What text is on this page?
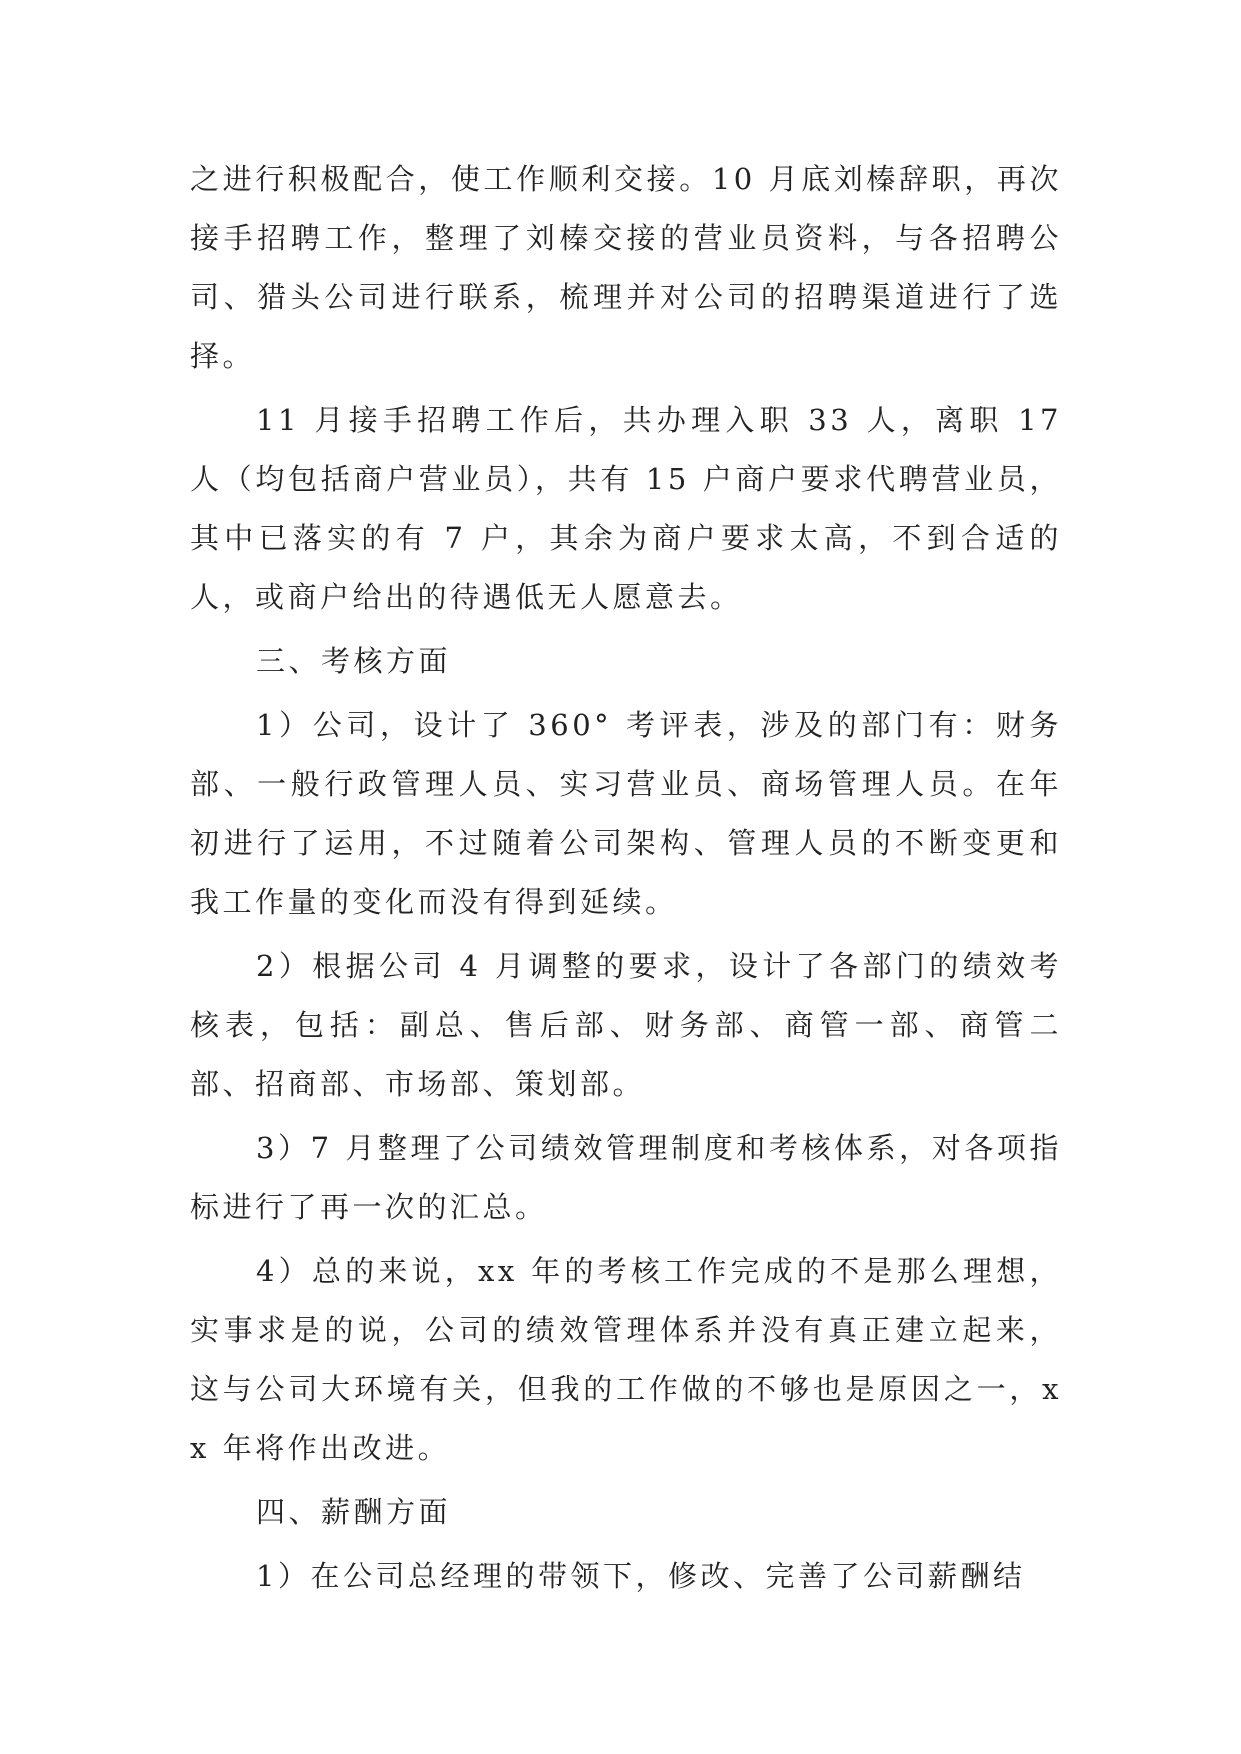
之进行积极配合，使工作顺利交接。10 月底刘榛辞职，再次接手招聘工作，整理了刘榛交接的营业员资料，与各招聘公司、猎头公司进行联系，梳理并对公司的招聘渠道进行了选择。

11 月接手招聘工作后，共办理入职 33 人，离职 17 人（均包括商户营业员），共有 15 户商户要求代聘营业员，其中已落实的有 7 户，其余为商户要求太高，不到合适的人，或商户给出的待遇低无人愿意去。

三、考核方面

1）公司，设计了 360° 考评表，涉及的部门有：财务部、一般行政管理人员、实习营业员、商场管理人员。在年初进行了运用，不过随着公司架构、管理人员的不断变更和我工作量的变化而没有得到延续。

2）根据公司 4 月调整的要求，设计了各部门的绩效考核表，包括：副总、售后部、财务部、商管一部、商管二部、招商部、市场部、策划部。

3）7 月整理了公司绩效管理制度和考核体系，对各项指标进行了再一次的汇总。

4）总的来说，xx 年的考核工作完成的不是那么理想，实事求是的说，公司的绩效管理体系并没有真正建立起来，这与公司大环境有关，但我的工作做的不够也是原因之一，xx 年将作出改进。

四、薪酬方面

1）在公司总经理的带领下，修改、完善了公司薪酬结
